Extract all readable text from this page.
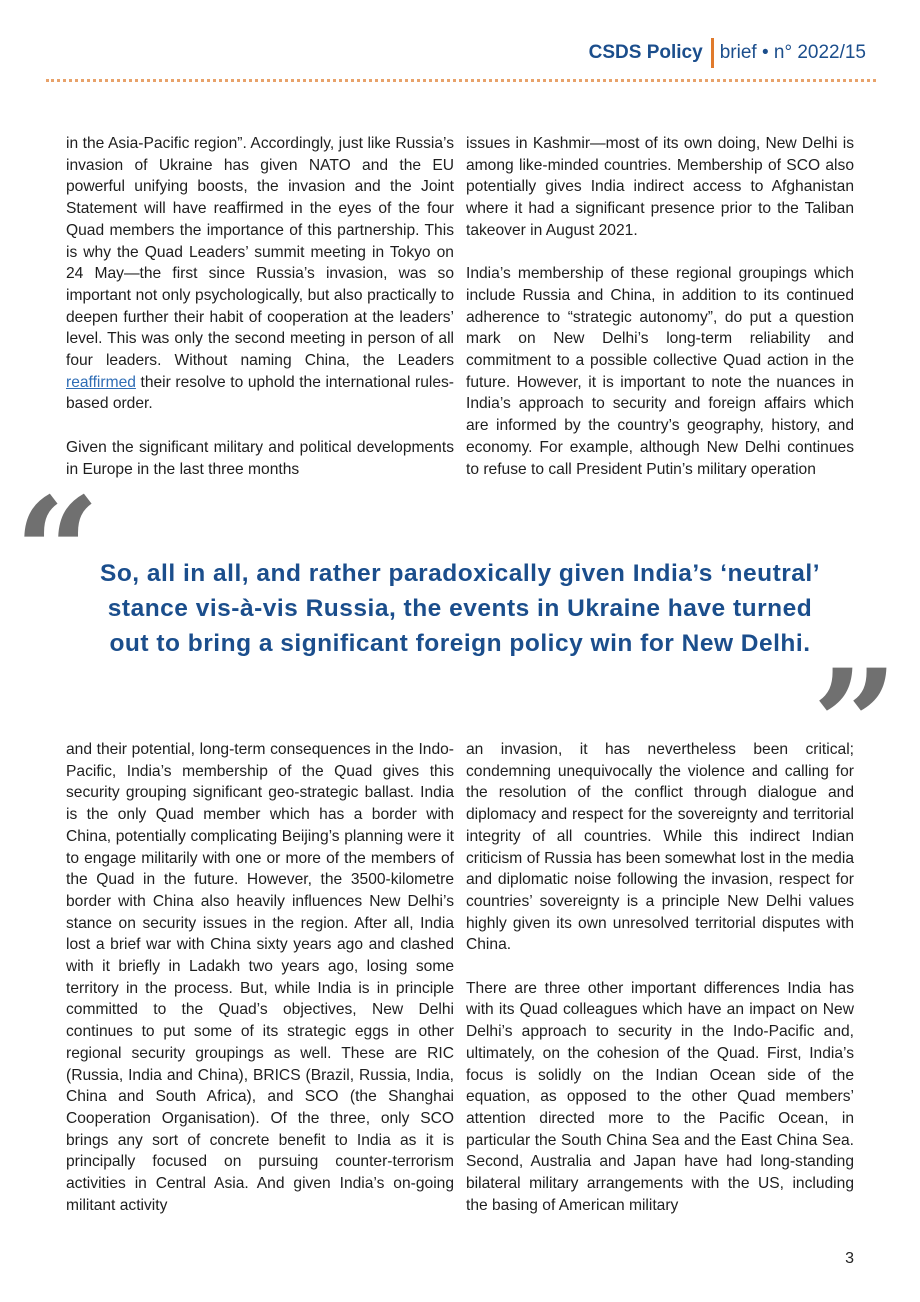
CSDS Policy brief • n° 2022/15

in the Asia-Pacific region”. Accordingly, just like Russia’s invasion of Ukraine has given NATO and the EU powerful unifying boosts, the invasion and the Joint Statement will have reaffirmed in the eyes of the four Quad members the importance of this partnership. This is why the Quad Leaders’ summit meeting in Tokyo on 24 May—the first since Russia’s invasion, was so important not only psychologically, but also practically to deepen further their habit of cooperation at the leaders’ level. This was only the second meeting in person of all four leaders. Without naming China, the Leaders reaffirmed their resolve to uphold the international rules-based order.

Given the significant military and political developments in Europe in the last three months

issues in Kashmir—most of its own doing, New Delhi is among like-minded countries. Membership of SCO also potentially gives India indirect access to Afghanistan where it had a significant presence prior to the Taliban takeover in August 2021.

India’s membership of these regional groupings which include Russia and China, in addition to its continued adherence to “strategic autonomy”, do put a question mark on New Delhi’s long-term reliability and commitment to a possible collective Quad action in the future. However, it is important to note the nuances in India’s approach to security and foreign affairs which are informed by the country’s geography, history, and economy. For example, although New Delhi continues to refuse to call President Putin’s military operation

“ So, all in all, and rather paradoxically given India’s ‘neutral’ stance vis-à-vis Russia, the events in Ukraine have turned out to bring a significant foreign policy win for New Delhi. ”

and their potential, long-term consequences in the Indo-Pacific, India’s membership of the Quad gives this security grouping significant geo-strategic ballast. India is the only Quad member which has a border with China, potentially complicating Beijing’s planning were it to engage militarily with one or more of the members of the Quad in the future. However, the 3500-kilometre border with China also heavily influences New Delhi’s stance on security issues in the region. After all, India lost a brief war with China sixty years ago and clashed with it briefly in Ladakh two years ago, losing some territory in the process. But, while India is in principle committed to the Quad’s objectives, New Delhi continues to put some of its strategic eggs in other regional security groupings as well. These are RIC (Russia, India and China), BRICS (Brazil, Russia, India, China and South Africa), and SCO (the Shanghai Cooperation Organisation). Of the three, only SCO brings any sort of concrete benefit to India as it is principally focused on pursuing counter-terrorism activities in Central Asia. And given India’s on-going militant activity

an invasion, it has nevertheless been critical; condemning unequivocally the violence and calling for the resolution of the conflict through dialogue and diplomacy and respect for the sovereignty and territorial integrity of all countries. While this indirect Indian criticism of Russia has been somewhat lost in the media and diplomatic noise following the invasion, respect for countries’ sovereignty is a principle New Delhi values highly given its own unresolved territorial disputes with China.

There are three other important differences India has with its Quad colleagues which have an impact on New Delhi’s approach to security in the Indo-Pacific and, ultimately, on the cohesion of the Quad. First, India’s focus is solidly on the Indian Ocean side of the equation, as opposed to the other Quad members’ attention directed more to the Pacific Ocean, in particular the South China Sea and the East China Sea. Second, Australia and Japan have had long-standing bilateral military arrangements with the US, including the basing of American military

3
